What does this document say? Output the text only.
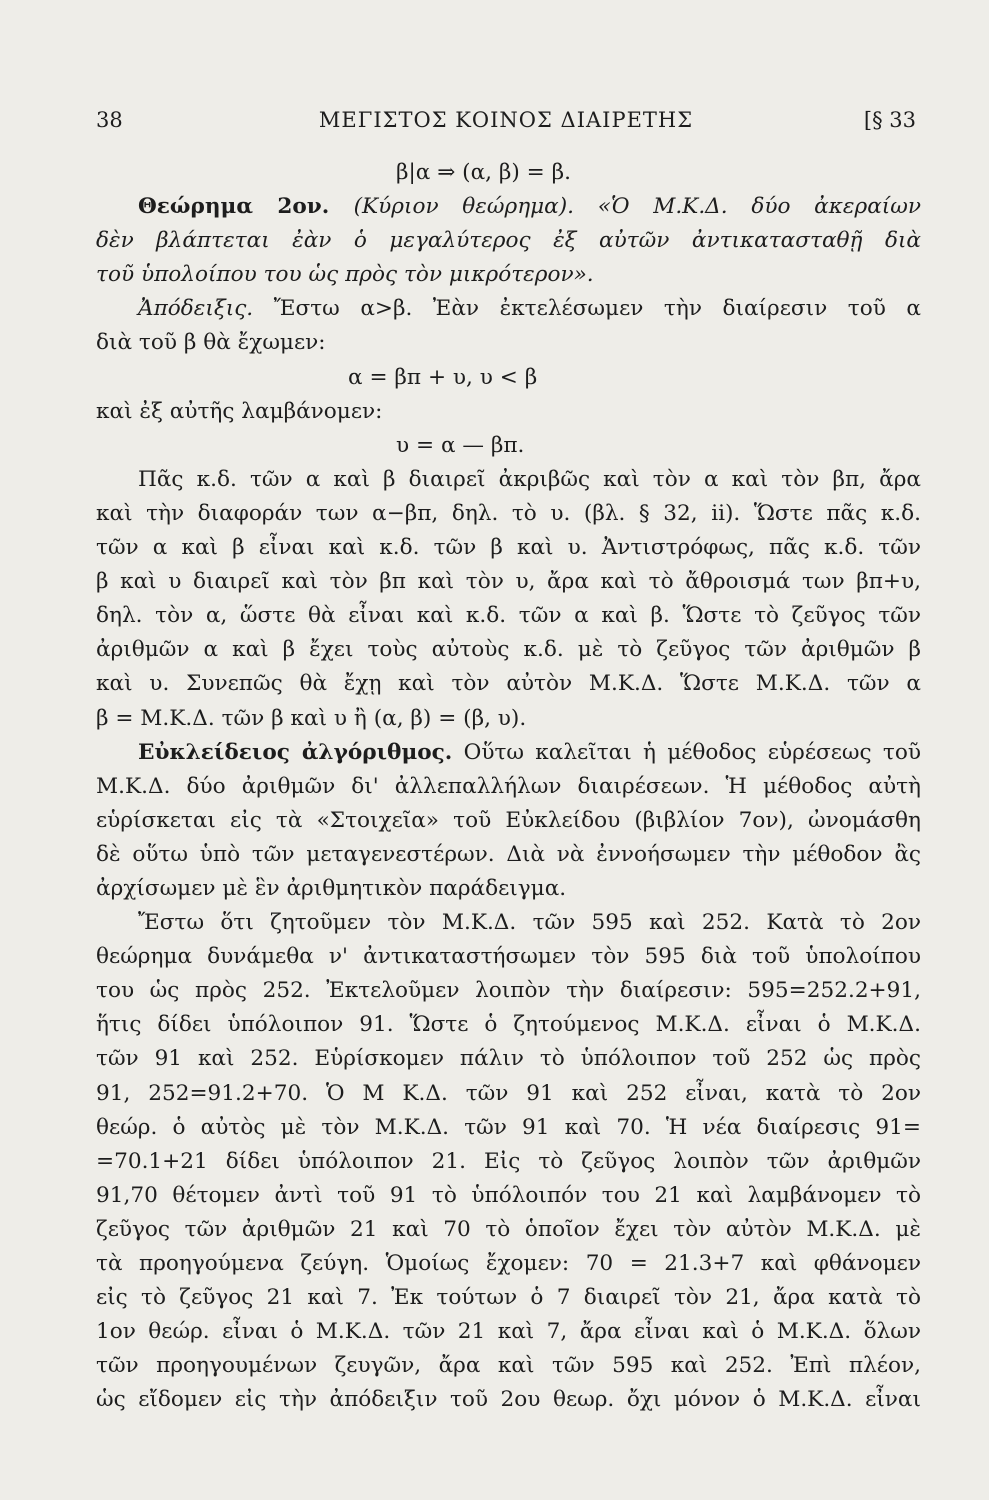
38	ΜΕΓΙΣΤΟΣ ΚΟΙΝΟΣ ΔΙΑΙΡΕΤΗΣ	[§ 33
β|α ⇒ (α, β) = β.
Θεώρημα 2ον. (Κύριον θεώρημα). «Ὁ Μ.Κ.Δ. δύο ἀκεραίων
δὲν βλάπτεται ἐὰν ὁ μεγαλύτερος ἐξ αὐτῶν ἀντικατασταθῇ διὰ
τοῦ ὑπολοίπου του ὡς πρὸς τὸν μικρότερον».
Ἀπόδειξις. Ἔστω α>β. Ἐὰν ἐκτελέσωμεν τὴν διαίρεσιν τοῦ α
διὰ τοῦ β θὰ ἔχωμεν:
α = βπ + υ, υ < β
καὶ ἐξ αὐτῆς λαμβάνομεν:
υ = α — βπ.
Πᾶς κ.δ. τῶν α καὶ β διαιρεῖ ἀκριβῶς καὶ τὸν α καὶ τὸν βπ, ἄρα
καὶ τὴν διαφοράν των α−βπ, δηλ. τὸ υ. (βλ. § 32, ii). Ὥστε πᾶς κ.δ.
τῶν α καὶ β εἶναι καὶ κ.δ. τῶν β καὶ υ. Ἀντιστρόφως, πᾶς κ.δ. τῶν
β καὶ υ διαιρεῖ καὶ τὸν βπ καὶ τὸν υ, ἄρα καὶ τὸ ἄθροισμά των βπ+υ,
δηλ. τὸν α, ὥστε θὰ εἶναι καὶ κ.δ. τῶν α καὶ β. Ὥστε τὸ ζεῦγος τῶν
ἀριθμῶν α καὶ β ἔχει τοὺς αὐτοὺς κ.δ. μὲ τὸ ζεῦγος τῶν ἀριθμῶν β
καὶ υ. Συνεπῶς θὰ ἔχῃ καὶ τὸν αὐτὸν Μ.Κ.Δ. Ὥστε Μ.Κ.Δ. τῶν α
β = Μ.Κ.Δ. τῶν β καὶ υ ἢ (α, β) = (β, υ).
Εὐκλείδειος ἀλγόριθμος. Οὕτω καλεῖται ἡ μέθοδος εὑρέσεως τοῦ
Μ.Κ.Δ. δύο ἀριθμῶν δι' ἀλλεπαλλήλων διαιρέσεων. Ἡ μέθοδος αὐτὴ
εὑρίσκεται εἰς τὰ «Στοιχεῖα» τοῦ Εὐκλείδου (βιβλίον 7ον), ὠνομάσθη
δὲ οὕτω ὑπὸ τῶν μεταγενεστέρων. Διὰ νὰ ἐννοήσωμεν τὴν μέθοδον ἂς
ἀρχίσωμεν μὲ ἓν ἀριθμητικὸν παράδειγμα.
Ἔστω ὅτι ζητοῦμεν τὸν Μ.Κ.Δ. τῶν 595 καὶ 252. Κατὰ τὸ 2ον
θεώρημα δυνάμεθα ν' ἀντικαταστήσωμεν τὸν 595 διὰ τοῦ ὑπολοίπου
του ὡς πρὸς 252. Ἐκτελοῦμεν λοιπὸν τὴν διαίρεσιν: 595=252.2+91,
ἥτις δίδει ὑπόλοιπον 91. Ὥστε ὁ ζητούμενος Μ.Κ.Δ. εἶναι ὁ Μ.Κ.Δ.
τῶν 91 καὶ 252. Εὑρίσκομεν πάλιν τὸ ὑπόλοιπον τοῦ 252 ὡς πρὸς
91, 252=91.2+70. Ὁ Μ Κ.Δ. τῶν 91 καὶ 252 εἶναι, κατὰ τὸ 2ον
θεώρ. ὁ αὐτὸς μὲ τὸν Μ.Κ.Δ. τῶν 91 καὶ 70. Ἡ νέα διαίρεσις 91=
=70.1+21 δίδει ὑπόλοιπον 21. Εἰς τὸ ζεῦγος λοιπὸν τῶν ἀριθμῶν
91,70 θέτομεν ἀντὶ τοῦ 91 τὸ ὑπόλοιπόν του 21 καὶ λαμβάνομεν τὸ
ζεῦγος τῶν ἀριθμῶν 21 καὶ 70 τὸ ὁποῖον ἔχει τὸν αὐτὸν Μ.Κ.Δ. μὲ
τὰ προηγούμενα ζεύγη. Ὁμοίως ἔχομεν: 70 = 21.3+7 καὶ φθάνομεν
εἰς τὸ ζεῦγος 21 καὶ 7. Ἐκ τούτων ὁ 7 διαιρεῖ τὸν 21, ἄρα κατὰ τὸ
1ον θεώρ. εἶναι ὁ Μ.Κ.Δ. τῶν 21 καὶ 7, ἄρα εἶναι καὶ ὁ Μ.Κ.Δ. ὅλων
τῶν προηγουμένων ζευγῶν, ἄρα καὶ τῶν 595 καὶ 252. Ἐπὶ πλέον,
ὡς εἴδομεν εἰς τὴν ἀπόδειξιν τοῦ 2ου θεωρ. ὄχι μόνον ὁ Μ.Κ.Δ. εἶναι
